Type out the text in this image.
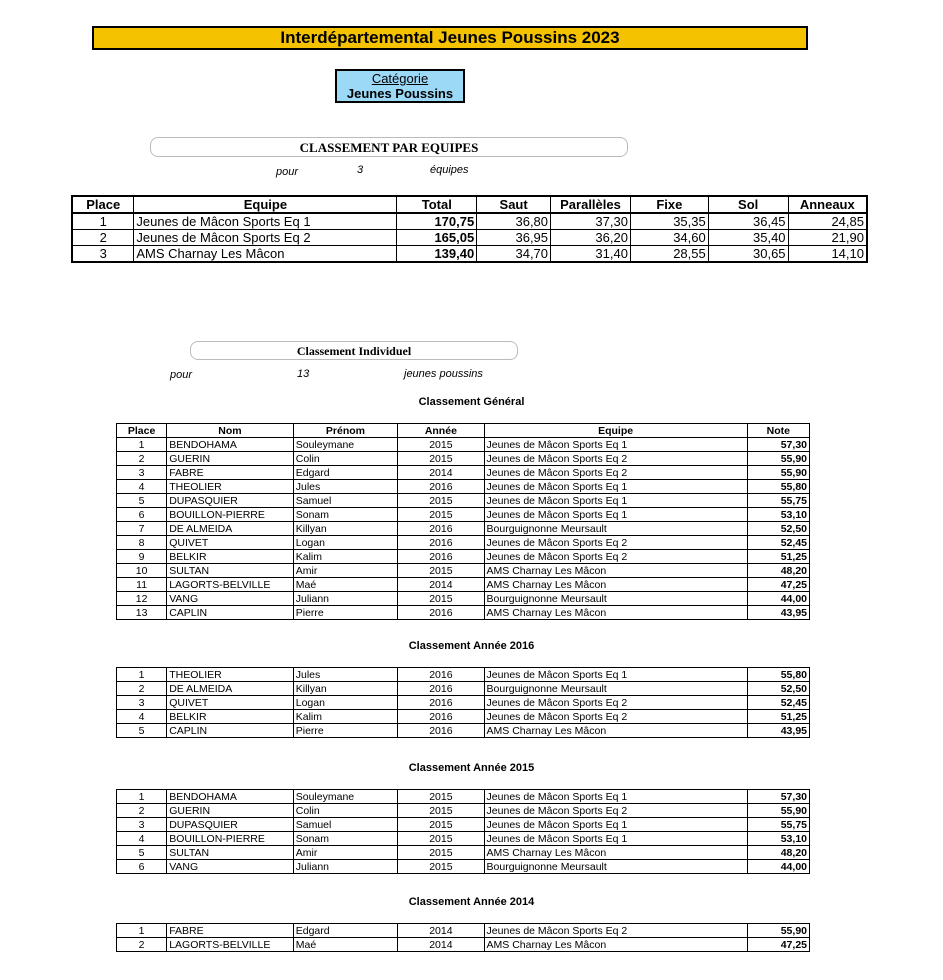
Interdépartemental Jeunes Poussins 2023
Catégorie
Jeunes Poussins
CLASSEMENT PAR EQUIPES
pour	3	équipes
Place	Equipe	Total	Saut	Parallèles	Fixe	Sol	Anneaux
1	Jeunes de Mâcon Sports Eq 1	170,75	36,80	37,30	35,35	36,45	24,85
2	Jeunes de Mâcon Sports Eq 2	165,05	36,95	36,20	34,60	35,40	21,90
3	AMS Charnay Les Mâcon	139,40	34,70	31,40	28,55	30,65	14,10
Classement Individuel
pour	13	jeunes poussins
Classement Général
Place	Nom	Prénom	Année	Equipe	Note
1	BENDOHAMA	Souleymane	2015	Jeunes de Mâcon Sports Eq 1	57,30
2	GUERIN	Colin	2015	Jeunes de Mâcon Sports Eq 2	55,90
3	FABRE	Edgard	2014	Jeunes de Mâcon Sports Eq 2	55,90
4	THEOLIER	Jules	2016	Jeunes de Mâcon Sports Eq 1	55,80
5	DUPASQUIER	Samuel	2015	Jeunes de Mâcon Sports Eq 1	55,75
6	BOUILLON-PIERRE	Sonam	2015	Jeunes de Mâcon Sports Eq 1	53,10
7	DE ALMEIDA	Killyan	2016	Bourguignonne Meursault	52,50
8	QUIVET	Logan	2016	Jeunes de Mâcon Sports Eq 2	52,45
9	BELKIR	Kalim	2016	Jeunes de Mâcon Sports Eq 2	51,25
10	SULTAN	Amir	2015	AMS Charnay Les Mâcon	48,20
11	LAGORTS-BELVILLE	Maé	2014	AMS Charnay Les Mâcon	47,25
12	VANG	Juliann	2015	Bourguignonne Meursault	44,00
13	CAPLIN	Pierre	2016	AMS Charnay Les Mâcon	43,95
Classement Année 2016
1	THEOLIER	Jules	2016	Jeunes de Mâcon Sports Eq 1	55,80
2	DE ALMEIDA	Killyan	2016	Bourguignonne Meursault	52,50
3	QUIVET	Logan	2016	Jeunes de Mâcon Sports Eq 2	52,45
4	BELKIR	Kalim	2016	Jeunes de Mâcon Sports Eq 2	51,25
5	CAPLIN	Pierre	2016	AMS Charnay Les Mâcon	43,95
Classement Année 2015
1	BENDOHAMA	Souleymane	2015	Jeunes de Mâcon Sports Eq 1	57,30
2	GUERIN	Colin	2015	Jeunes de Mâcon Sports Eq 2	55,90
3	DUPASQUIER	Samuel	2015	Jeunes de Mâcon Sports Eq 1	55,75
4	BOUILLON-PIERRE	Sonam	2015	Jeunes de Mâcon Sports Eq 1	53,10
5	SULTAN	Amir	2015	AMS Charnay Les Mâcon	48,20
6	VANG	Juliann	2015	Bourguignonne Meursault	44,00
Classement Année 2014
1	FABRE	Edgard	2014	Jeunes de Mâcon Sports Eq 2	55,90
2	LAGORTS-BELVILLE	Maé	2014	AMS Charnay Les Mâcon	47,25
